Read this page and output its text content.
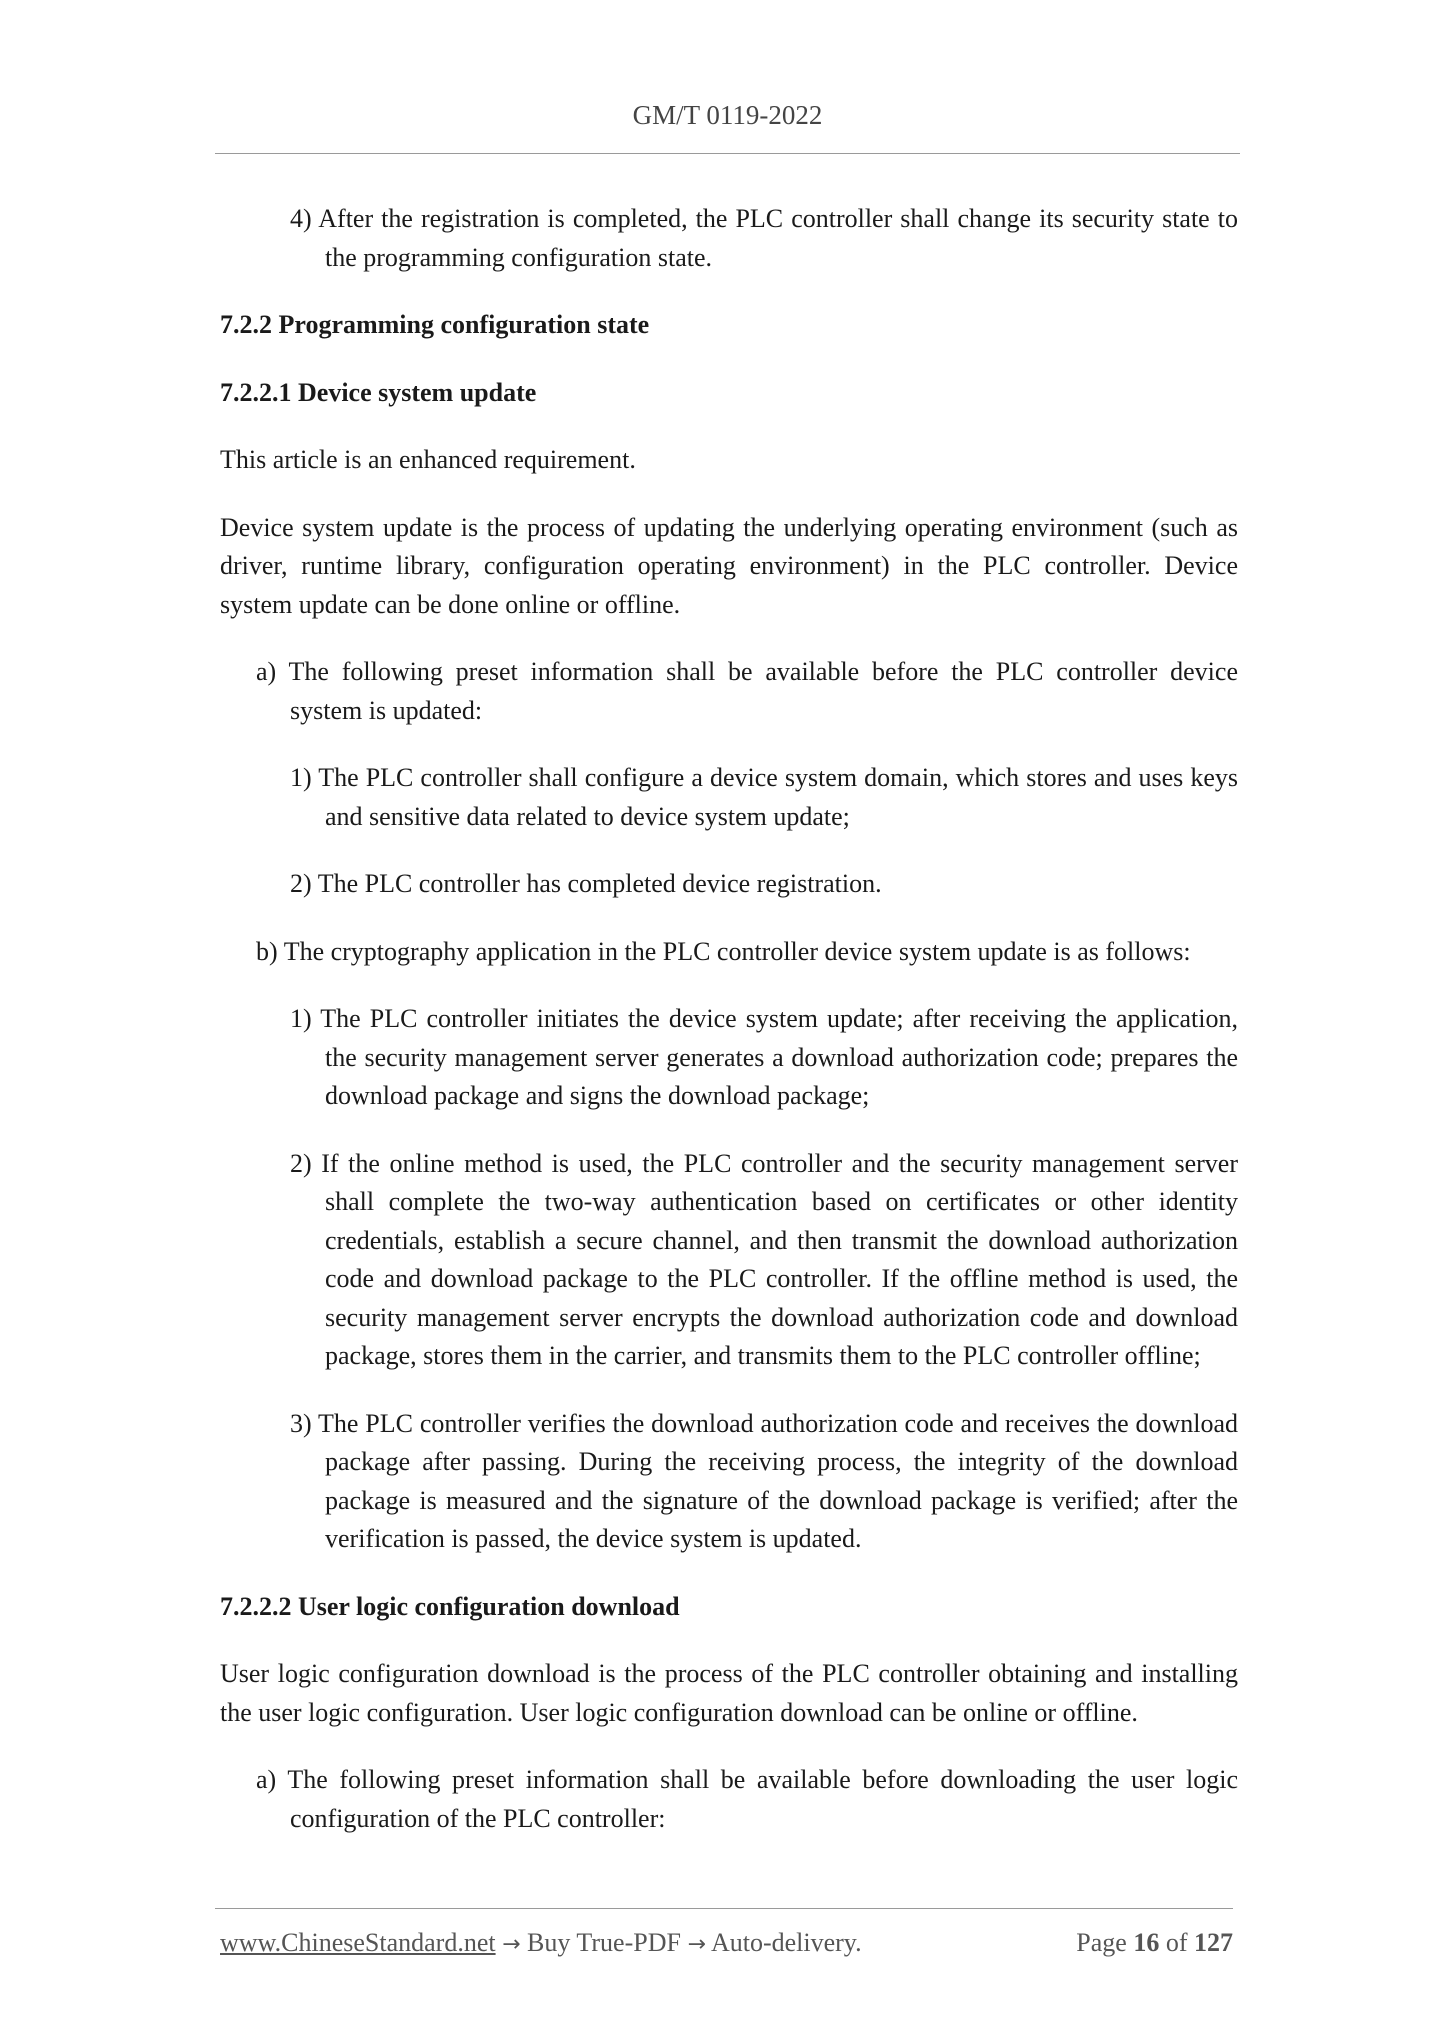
GM/T 0119-2022

4) After the registration is completed, the PLC controller shall change its security state to the programming configuration state.

7.2.2 Programming configuration state

7.2.2.1 Device system update

This article is an enhanced requirement.

Device system update is the process of updating the underlying operating environment (such as driver, runtime library, configuration operating environment) in the PLC controller. Device system update can be done online or offline.

a) The following preset information shall be available before the PLC controller device system is updated:

1) The PLC controller shall configure a device system domain, which stores and uses keys and sensitive data related to device system update;

2) The PLC controller has completed device registration.

b) The cryptography application in the PLC controller device system update is as follows:

1) The PLC controller initiates the device system update; after receiving the application, the security management server generates a download authorization code; prepares the download package and signs the download package;

2) If the online method is used, the PLC controller and the security management server shall complete the two-way authentication based on certificates or other identity credentials, establish a secure channel, and then transmit the download authorization code and download package to the PLC controller. If the offline method is used, the security management server encrypts the download authorization code and download package, stores them in the carrier, and transmits them to the PLC controller offline;

3) The PLC controller verifies the download authorization code and receives the download package after passing. During the receiving process, the integrity of the download package is measured and the signature of the download package is verified; after the verification is passed, the device system is updated.

7.2.2.2 User logic configuration download

User logic configuration download is the process of the PLC controller obtaining and installing the user logic configuration. User logic configuration download can be online or offline.

a) The following preset information shall be available before downloading the user logic configuration of the PLC controller:

www.ChineseStandard.net → Buy True-PDF → Auto-delivery.	Page 16 of 127
